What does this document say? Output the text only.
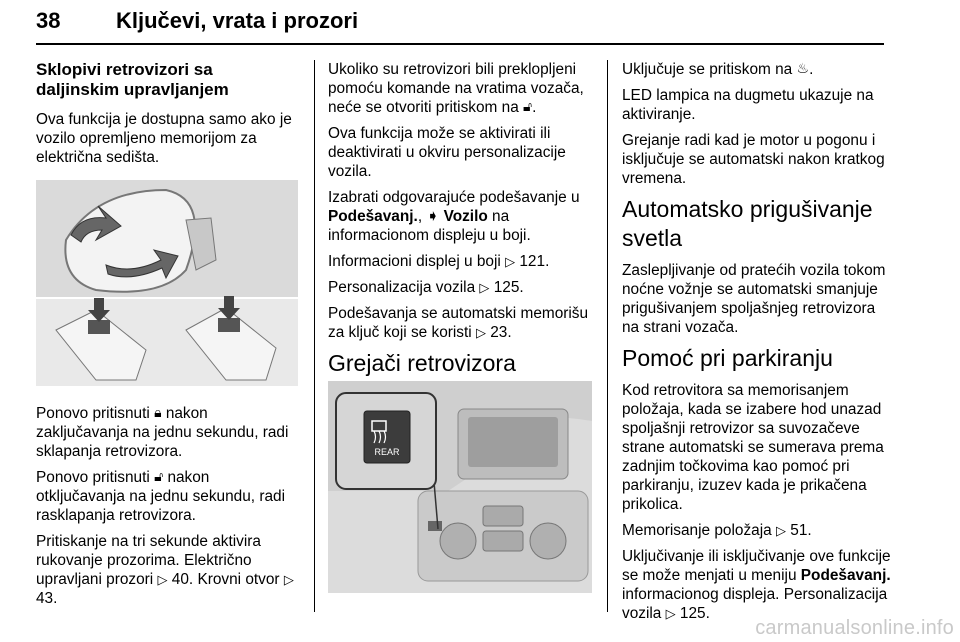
38	Ključevi, vrata i prozori
Sklopivi retrovizori sa daljinskim upravljanjem

Ova funkcija je dostupna samo ako je vozilo opremljeno memorijom za električna sedišta.

Ponovo pritisnuti 🔒︎ nakon zaključavanja na jednu sekundu, radi sklapanja retrovizora.

Ponovo pritisnuti 🔓︎ nakon otključavanja na jednu sekundu, radi rasklapanja retrovizora.

Pritiskanje na tri sekunde aktivira rukovanje prozorima. Električno upravljani prozori ▷ 40. Krovni otvor ▷ 43.

Ukoliko su retrovizori bili preklopljeni pomoću komande na vratima vozača, neće se otvoriti pritiskom na 🔓︎.

Ova funkcija može se aktivirati ili deaktivirati u okviru personalizacije vozila.

Izabrati odgovarajuće podešavanje u Podešavanj., ➧ Vozilo na informacionom displeju u boji.

Informacioni displej u boji ▷ 121.

Personalizacija vozila ▷ 125.

Podešavanja se automatski memorišu za ključ koji se koristi ▷ 23.

Grejači retrovizora
REAR

Uključuje se pritiskom na ♨.

LED lampica na dugmetu ukazuje na aktiviranje.

Grejanje radi kad je motor u pogonu i isključuje se automatski nakon kratkog vremena.

Automatsko prigušivanje svetla

Zaslepljivanje od pratećih vozila tokom noćne vožnje se automatski smanjuje prigušivanjem spoljašnjeg retrovizora na strani vozača.

Pomoć pri parkiranju

Kod retrovitora sa memorisanjem položaja, kada se izabere hod unazad spoljašnji retrovizor sa suvozačeve strane automatski se sumerava prema zadnjim točkovima kao pomoć pri parkiranju, izuzev kada je prikačena prikolica.

Memorisanje položaja ▷ 51.

Uključivanje ili isključivanje ove funkcije se može menjati u meniju Podešavanj. informacionog displeja. Personalizacija vozila ▷ 125.

carmanualsonline.info
